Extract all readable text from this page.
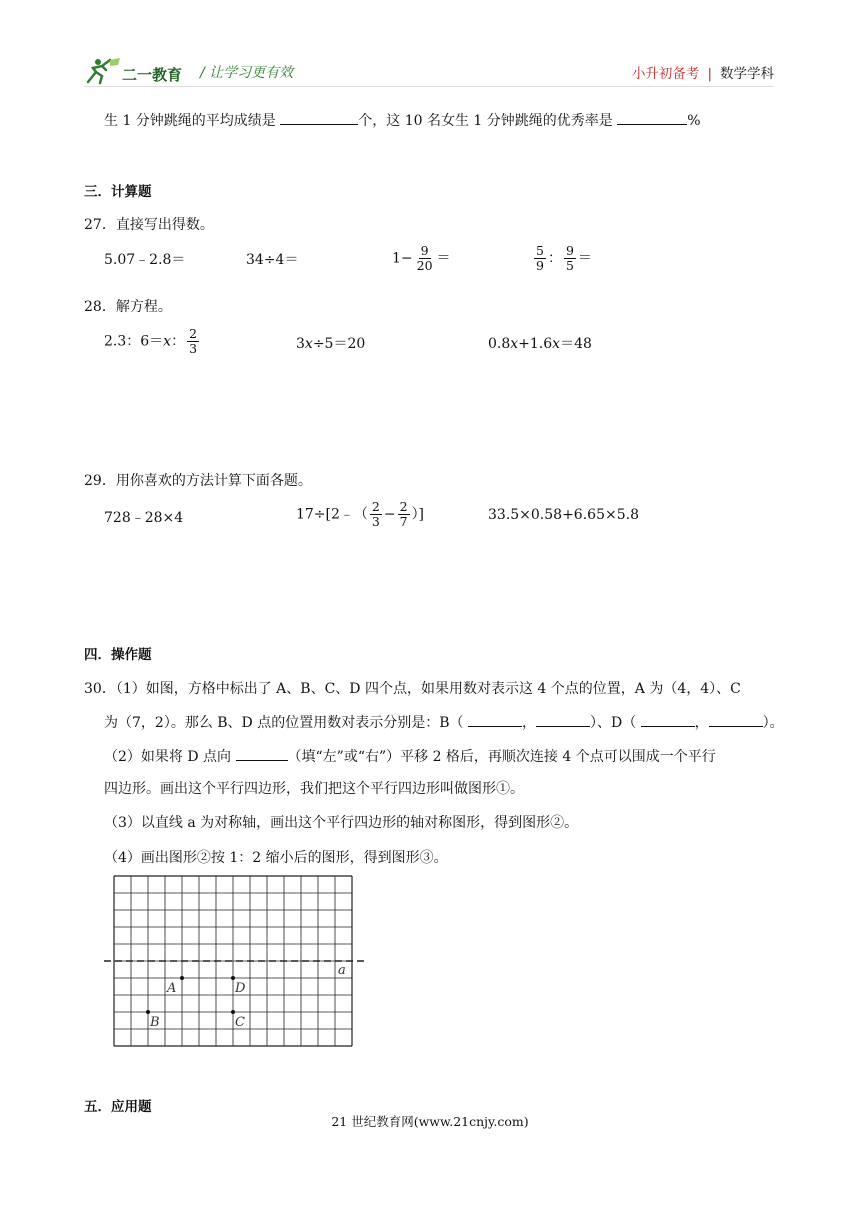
二一教育 / 让学习更有效	小升初备考 | 数学学科
生 1 分钟跳绳的平均成绩是	个，这 10 名女生 1 分钟跳绳的优秀率是	%
三．计算题
27．直接写出得数。
5.07﹣2.8＝	34÷4＝	$1- \frac{9}{20}$ ＝	$\frac{5}{9}$ ： $\frac{9}{5}$ ＝
28．解方程。
2.3：6＝x： $\frac{2}{3}$	3x÷5＝20	0.8x+1.6x＝48
29．用你喜欢的方法计算下面各题。
728﹣28×4	17÷[2﹣（ $\frac{2}{3} - \frac{2}{7}$ ）]	33.5×0.58+6.65×5.8
四．操作题
30．（1）如图，方格中标出了 A、B、C、D 四个点，如果用数对表示这 4 个点的位置，A 为（4，4）、C
为（7，2）。那么 B、D 点的位置用数对表示分别是：B（	，	）、D（	，	）。
（2）如果将 D 点向	（填“左”或“右”）平移 2 格后，再顺次连接 4 个点可以围成一个平行
四边形。画出这个平行四边形，我们把这个平行四边形叫做图形①。
（3）以直线 a 为对称轴，画出这个平行四边形的轴对称图形，得到图形②。
（4）画出图形②按 1：2 缩小后的图形，得到图形③。
a
A	D
B	C
五．应用题
21 世纪教育网(www.21cnjy.com)
